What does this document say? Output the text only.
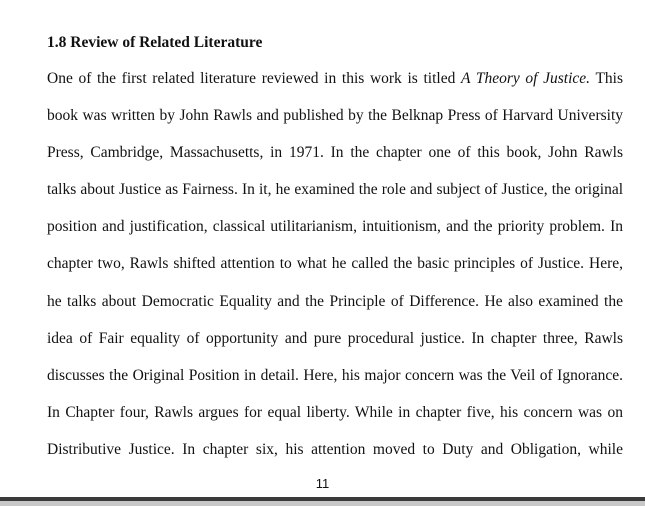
1.8 Review of Related Literature
One of the first related literature reviewed in this work is titled A Theory of Justice. This
book was written by John Rawls and published by the Belknap Press of Harvard University
Press, Cambridge, Massachusetts, in 1971. In the chapter one of this book, John Rawls
talks about Justice as Fairness. In it, he examined the role and subject of Justice, the original
position and justification, classical utilitarianism, intuitionism, and the priority problem. In
chapter two, Rawls shifted attention to what he called the basic principles of Justice. Here,
he talks about Democratic Equality and the Principle of Difference. He also examined the
idea of Fair equality of opportunity and pure procedural justice. In chapter three, Rawls
discusses the Original Position in detail. Here, his major concern was the Veil of Ignorance.
In Chapter four, Rawls argues for equal liberty. While in chapter five, his concern was on
Distributive Justice. In chapter six, his attention moved to Duty and Obligation, while
11
